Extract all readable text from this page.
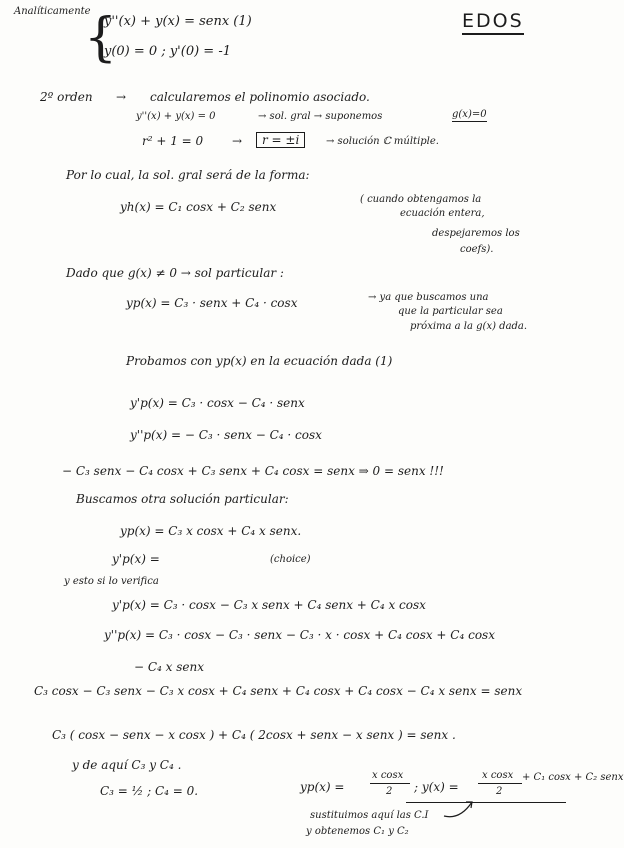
EDOS
Analíticamente
{
y''(x) + y(x) = senx (1)
y(0) = 0 ; y'(0) = -1
2º orden → calcularemos el polinomio asociado.
y''(x) + y(x) = 0	→ sol. gral → suponemos	g(x)=0
r² + 1 = 0 →	r = ±i	→ solución ℂ múltiple.
Por lo cual, la sol. gral será de la forma:
yh(x) = C₁ cosx + C₂ senx
( cuando obtengamos la
ecuación entera,
despejaremos los
coefs).
Dado que g(x) ≠ 0 → sol particular :
yp(x) = C₃ · senx + C₄ · cosx	→ ya que buscamos una
que la particular sea
próxima a la g(x) dada.
Probamos con yp(x) en la ecuación dada (1)
y'p(x) = C₃ · cosx − C₄ · senx
y''p(x) = − C₃ · senx − C₄ · cosx
− C₃ senx − C₄ cosx + C₃ senx + C₄ cosx = senx ⇒ 0 = senx !!!
Buscamos otra solución particular:
yp(x) = C₃ x cosx + C₄ x senx.
y'p(x) =	(choice)
y esto si lo verifica
y'p(x) = C₃ · cosx − C₃ x senx + C₄ senx + C₄ x cosx
y''p(x) = C₃ · cosx − C₃ · senx − C₃ · x · cosx + C₄ cosx + C₄ cosx
− C₄ x senx
C₃ cosx − C₃ senx − C₃ x cosx + C₄ senx + C₄ cosx + C₄ cosx − C₄ x senx = senx
C₃ ( cosx − senx − x cosx ) + C₄ ( 2cosx + senx − x senx ) = senx .
y de aquí C₃ y C₄ .
C₃ = ½ ; C₄ = 0.	yp(x) =
x cosx
2 ; y(x) =
x cosx
2
+ C₁ cosx + C₂ senx
sustituimos aquí las C.I
y obtenemos C₁ y C₂
